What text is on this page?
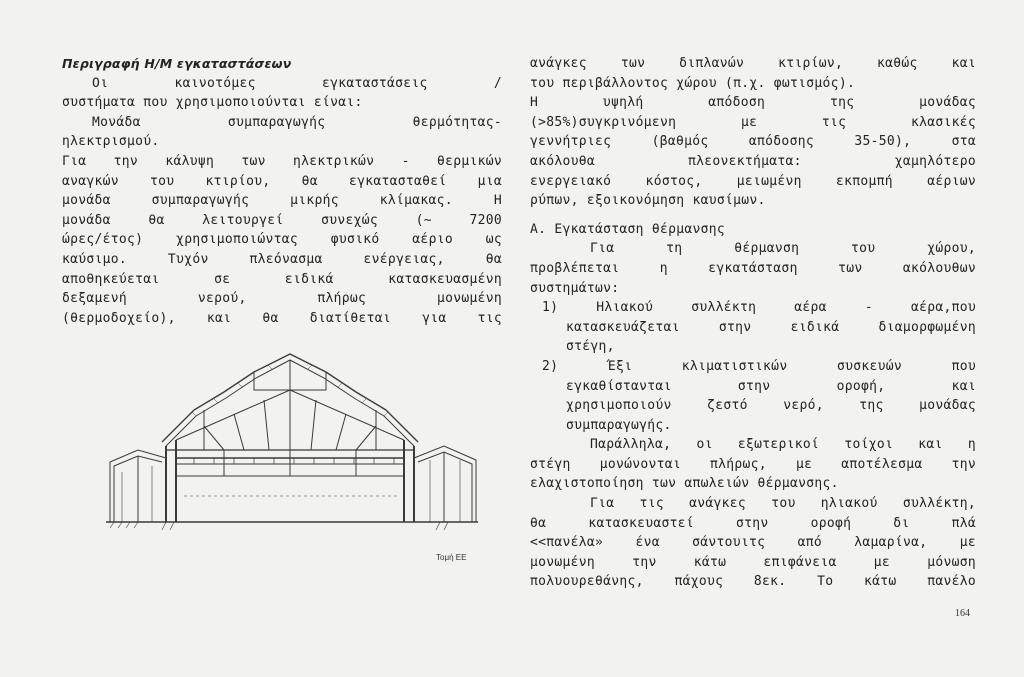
Περιγραφή Η/Μ εγκαταστάσεων
Οι καινοτόμες εγκαταστάσεις /
συστήματα που χρησιμοποιούνται είναι:
Μονάδα συμπαραγωγής θερμότητας-
ηλεκτρισμού.
Για την κάλυψη των ηλεκτρικών - θερμικών
αναγκών του κτιρίου, θα εγκατασταθεί μια
μονάδα συμπαραγωγής μικρής κλίμακας. Η
μονάδα θα λειτουργεί συνεχώς (~ 7200
ώρες/έτος) χρησιμοποιώντας φυσικό αέριο ως
καύσιμο. Τυχόν πλεόνασμα ενέργειας, θα
αποθηκεύεται σε ειδικά κατασκευασμένη
δεξαμενή νερού, πλήρως μονωμένη
(θερμοδοχείο), και θα διατίθεται για τις
Τομή ΕΕ
ανάγκες των διπλανών κτιρίων, καθώς και
του περιβάλλοντος χώρου (π.χ. φωτισμός).
Η υψηλή απόδοση της μονάδας
(>85%)συγκρινόμενη με τις κλασικές
γεννήτριες (βαθμός απόδοσης 35-50), στα
ακόλουθα πλεονεκτήματα: χαμηλότερο
ενεργειακό κόστος, μειωμένη εκπομπή αέριων
ρύπων, εξοικονόμηση καυσίμων.
Α. Εγκατάσταση θέρμανσης
Για τη θέρμανση του χώρου,
προβλέπεται η εγκατάσταση των ακόλουθων
συστημάτων:
1) Ηλιακού συλλέκτη αέρα - αέρα,που
κατασκευάζεται στην ειδικά διαμορφωμένη
στέγη,
2) Έξι κλιματιστικών συσκευών που
εγκαθίστανται στην οροφή, και
χρησιμοποιούν ζεστό νερό, της μονάδας
συμπαραγωγής.
Παράλληλα, οι εξωτερικοί τοίχοι και η
στέγη μονώνονται πλήρως, με αποτέλεσμα την
ελαχιστοποίηση των απωλειών θέρμανσης.
Για τις ανάγκες του ηλιακού συλλέκτη,
θα κατασκευαστεί στην οροφή δι πλά
<<πανέλα» ένα σάντουιτς από λαμαρίνα, με
μονωμένη την κάτω επιφάνεια με μόνωση
πολυουρεθάνης, πάχους 8εκ. Το κάτω πανέλο
164
